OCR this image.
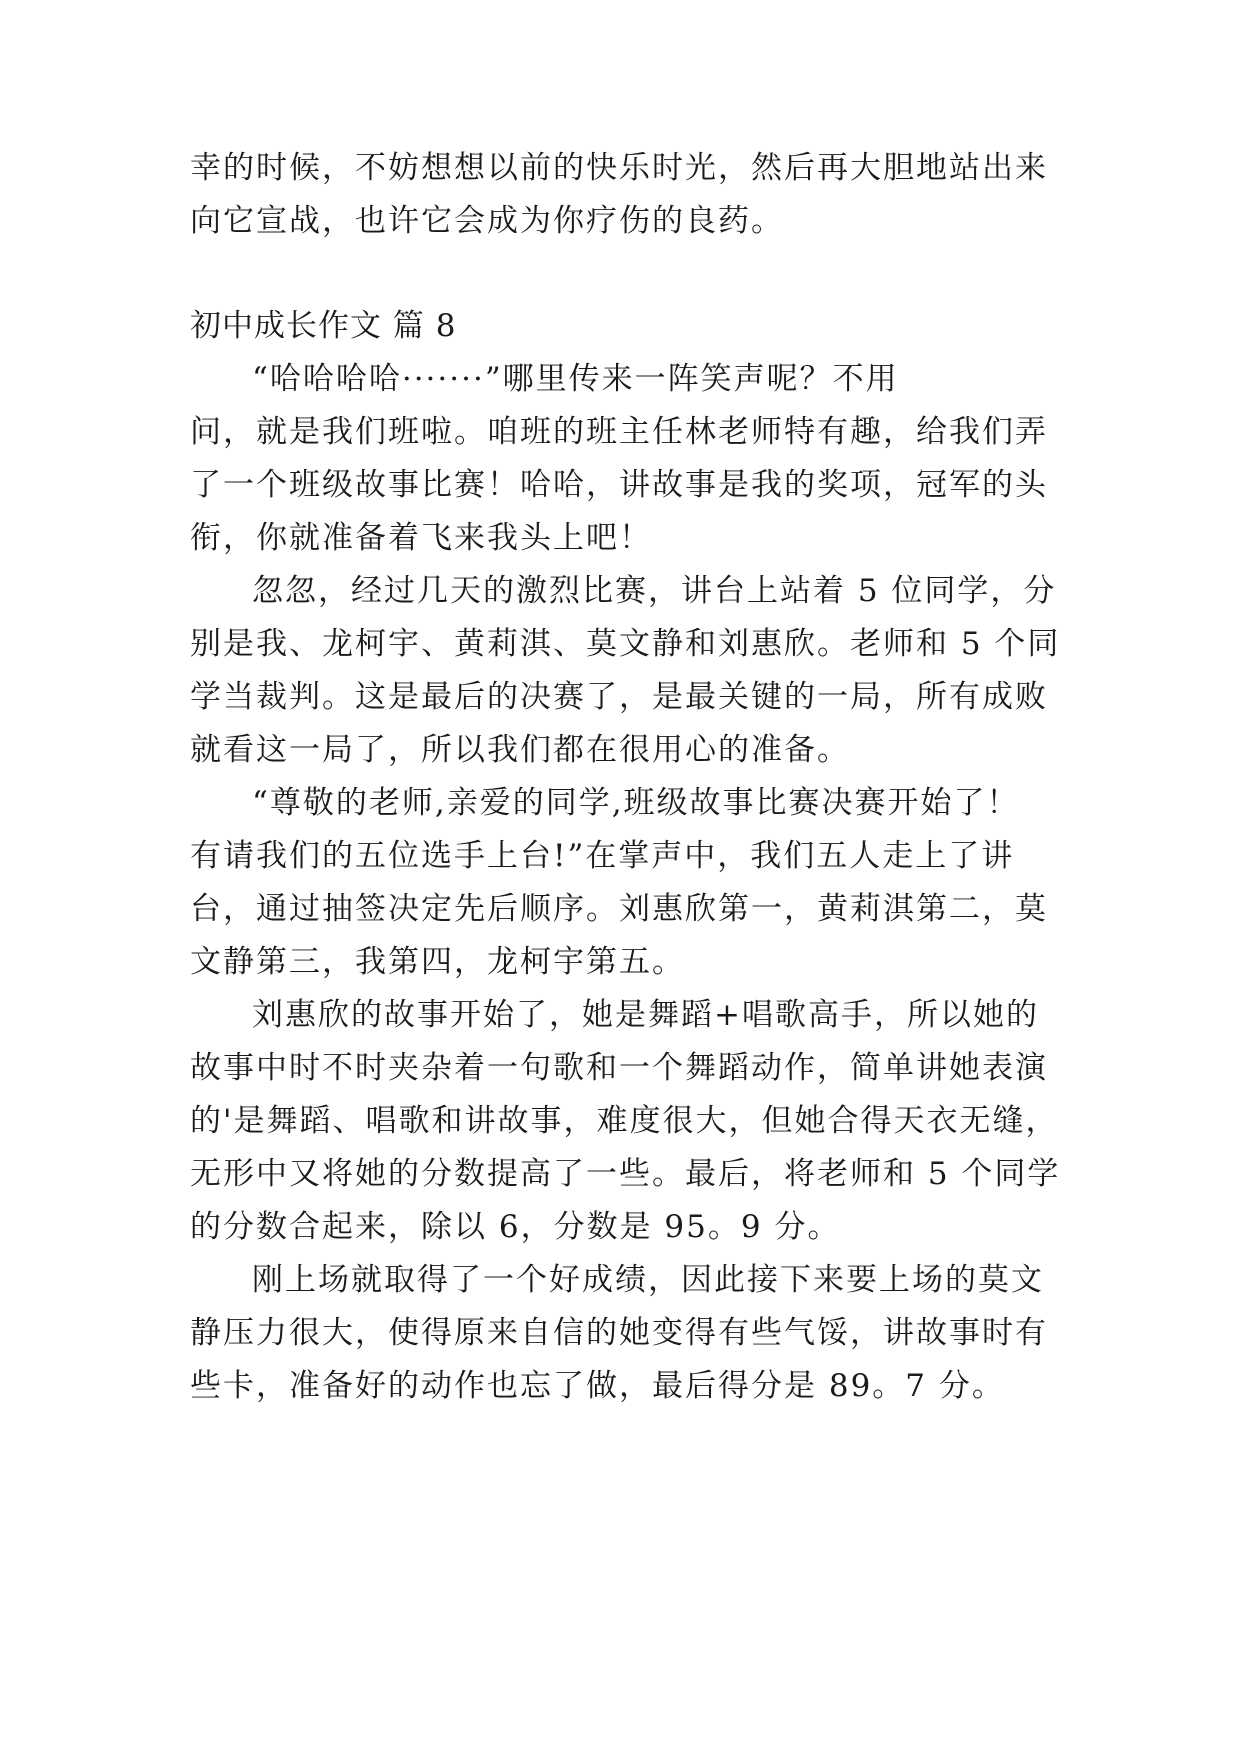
幸的时候，不妨想想以前的快乐时光，然后再大胆地站出来
向它宣战，也许它会成为你疗伤的良药。
初中成长作文 篇 8
“哈哈哈哈·······”哪里传来一阵笑声呢？不用
问，就是我们班啦。咱班的班主任林老师特有趣，给我们弄
了一个班级故事比赛！哈哈，讲故事是我的奖项，冠军的头
衔，你就准备着飞来我头上吧！
忽忽，经过几天的激烈比赛，讲台上站着 5 位同学，分
别是我、龙柯宇、黄莉淇、莫文静和刘惠欣。老师和 5 个同
学当裁判。这是最后的决赛了，是最关键的一局，所有成败
就看这一局了，所以我们都在很用心的准备。
“尊敬的老师,亲爱的同学,班级故事比赛决赛开始了！
有请我们的五位选手上台!”在掌声中，我们五人走上了讲
台，通过抽签决定先后顺序。刘惠欣第一，黄莉淇第二，莫
文静第三，我第四，龙柯宇第五。
刘惠欣的故事开始了，她是舞蹈+唱歌高手，所以她的
故事中时不时夹杂着一句歌和一个舞蹈动作，简单讲她表演
的'是舞蹈、唱歌和讲故事，难度很大，但她合得天衣无缝，
无形中又将她的分数提高了一些。最后，将老师和 5 个同学
的分数合起来，除以 6，分数是 95。9 分。
刚上场就取得了一个好成绩，因此接下来要上场的莫文
静压力很大，使得原来自信的她变得有些气馁，讲故事时有
些卡，准备好的动作也忘了做，最后得分是 89。7 分。
